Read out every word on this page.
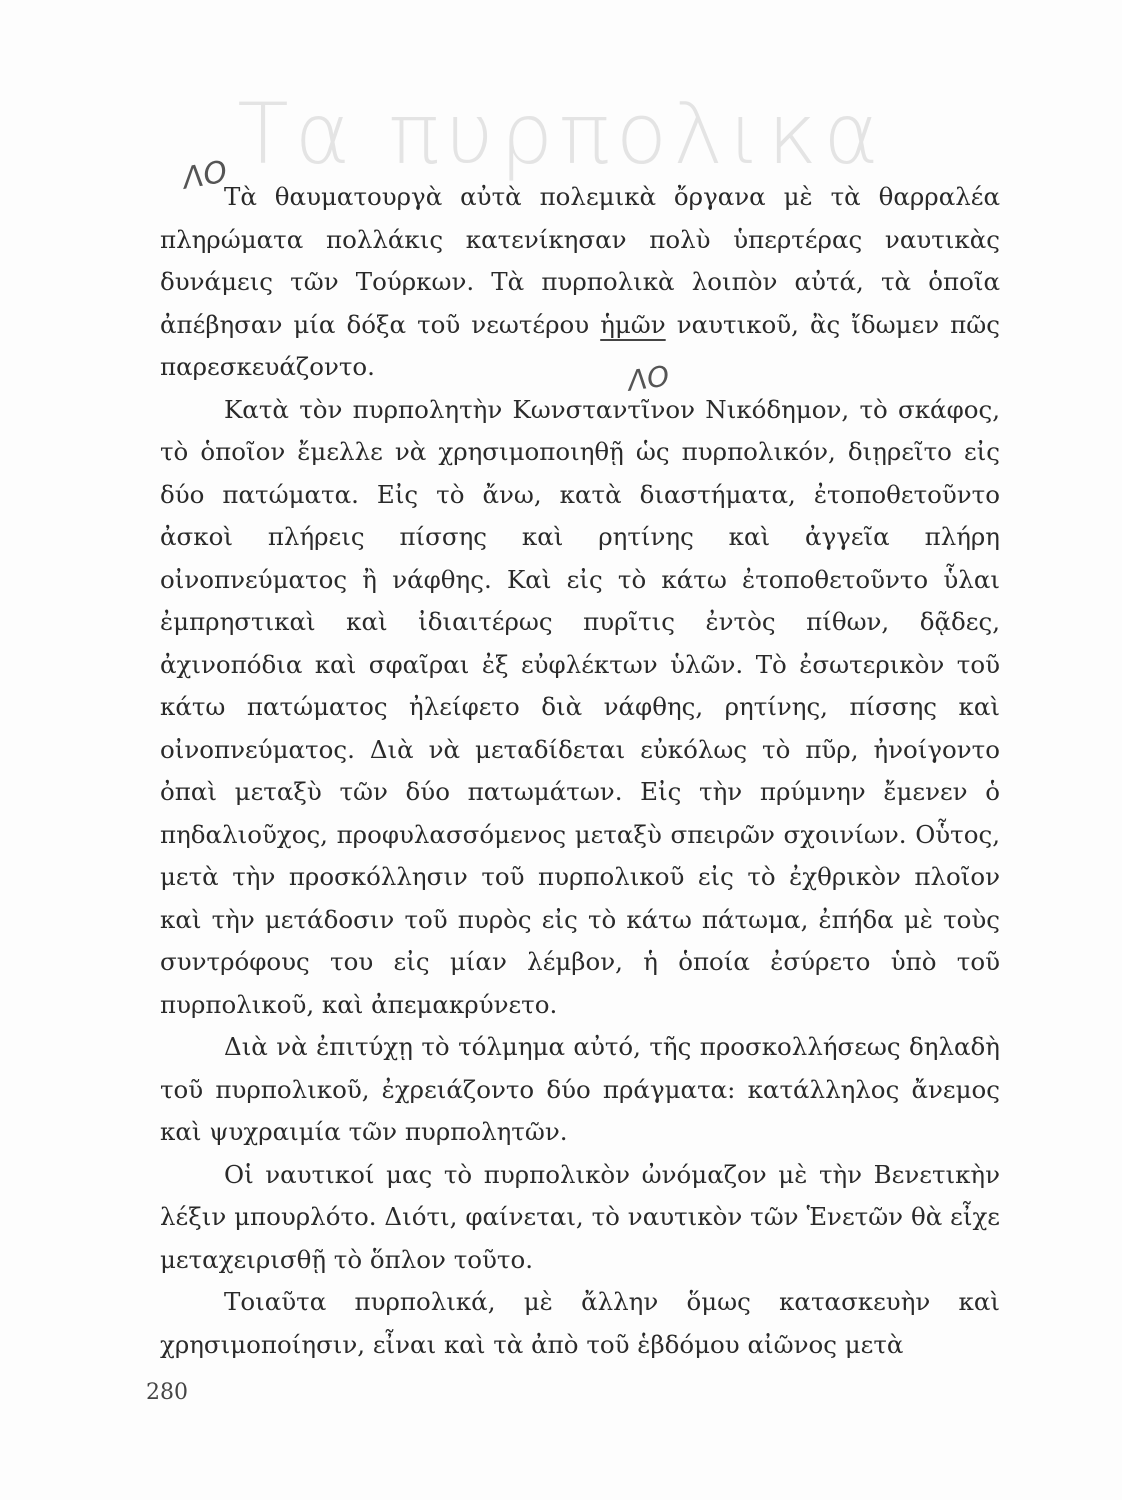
Τα πυρπολικα
ΛΟ
ΛΟ

Τὰ θαυματουργὰ αὐτὰ πολεμικὰ ὄργανα μὲ τὰ θαρραλέα πληρώματα πολλάκις κατενίκησαν πολὺ ὑπερτέρας ναυτικὰς δυνάμεις τῶν Τούρκων. Τὰ πυρπολικὰ λοιπὸν αὐτά, τὰ ὁποῖα ἀπέβησαν μία δόξα τοῦ νεωτέρου ἡμῶν ναυτικοῦ, ἂς ἴδωμεν πῶς παρεσκευάζοντο.

Κατὰ τὸν πυρπολητὴν Κωνσταντῖνον Νικόδημον, τὸ σκάφος, τὸ ὁποῖον ἔμελλε νὰ χρησιμοποιηθῇ ὡς πυρπολικόν, διῃρεῖτο εἰς δύο πατώματα. Εἰς τὸ ἄνω, κατὰ διαστήματα, ἐτοποθετοῦντο ἀσκοὶ πλήρεις πίσσης καὶ ρητίνης καὶ ἀγγεῖα πλήρη οἰνοπνεύματος ἢ νάφθης. Καὶ εἰς τὸ κάτω ἐτοποθετοῦντο ὗλαι ἐμπρηστικαὶ καὶ ἰδιαιτέρως πυρῖτις ἐντὸς πίθων, δᾷδες, ἀχινοπόδια καὶ σφαῖραι ἐξ εὐφλέκτων ὑλῶν. Τὸ ἐσωτερικὸν τοῦ κάτω πατώματος ἠλείφετο διὰ νάφθης, ρητίνης, πίσσης καὶ οἰνοπνεύματος. Διὰ νὰ μεταδίδεται εὐκόλως τὸ πῦρ, ἠνοίγοντο ὀπαὶ μεταξὺ τῶν δύο πατωμάτων. Εἰς τὴν πρύμνην ἔμενεν ὁ πηδαλιοῦχος, προφυλασσόμενος μεταξὺ σπειρῶν σχοινίων. Οὗτος, μετὰ τὴν προσκόλλησιν τοῦ πυρπολικοῦ εἰς τὸ ἐχθρικὸν πλοῖον καὶ τὴν μετάδοσιν τοῦ πυρὸς εἰς τὸ κάτω πάτωμα, ἐπήδα μὲ τοὺς συντρόφους του εἰς μίαν λέμβον, ἡ ὁποία ἐσύρετο ὑπὸ τοῦ πυρπολικοῦ, καὶ ἀπεμακρύνετο.

Διὰ νὰ ἐπιτύχῃ τὸ τόλμημα αὐτό, τῆς προσκολλήσεως δηλαδὴ τοῦ πυρπολικοῦ, ἐχρειάζοντο δύο πράγματα: κατάλληλος ἄνεμος καὶ ψυχραιμία τῶν πυρπολητῶν.

Οἱ ναυτικοί μας τὸ πυρπολικὸν ὠνόμαζον μὲ τὴν Βενετικὴν λέξιν μπουρλότο. Διότι, φαίνεται, τὸ ναυτικὸν τῶν Ἑνετῶν θὰ εἶχε μεταχειρισθῇ τὸ ὅπλον τοῦτο.

Τοιαῦτα πυρπολικά, μὲ ἄλλην ὅμως κατασκευὴν καὶ χρησιμοποίησιν, εἶναι καὶ τὰ ἀπὸ τοῦ ἑβδόμου αἰῶνος μετὰ

280
